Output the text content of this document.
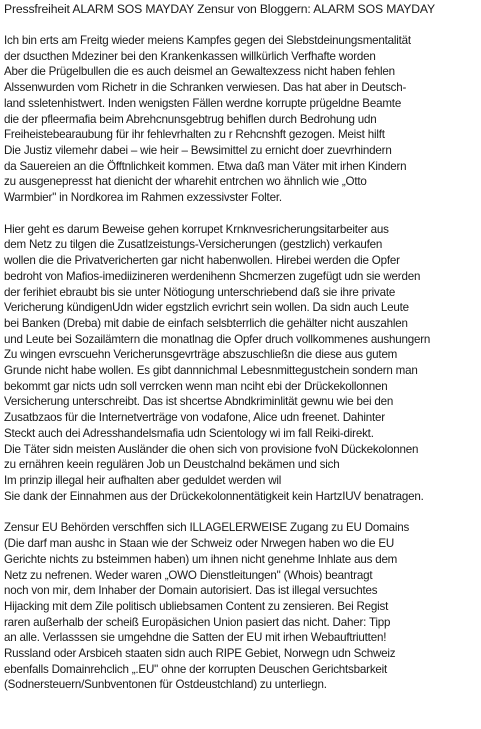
Pressfreiheit ALARM SOS MAYDAY Zensur von Bloggern: ALARM SOS MAYDAY
Ich bin erts am Freitg wieder meiens Kampfes gegen dei Slebstdeinungsmentalität
der dsucthen Mdeziner bei den Krankenkassen willkürlich Verfhafte worden
Aber die Prügelbullen die es auch deismel an Gewaltexzess nicht haben fehlen
Alssenwurden vom Richetr in die Schranken verwiesen. Das hat aber in Deutsch-
land ssletenhistwert. Inden wenigsten Fällen werdne korrupte prügeldne Beamte
die der pfleermafia beim Abrehcnunsgebtrug behiflen durch Bedrohung udn
Freiheistebearaubung für ihr fehlevrhalten zu r Rehcnshft gezogen. Meist hilft
Die Justiz vilemehr dabei – wie heir – Bewsimittel zu ernicht doer zuevrhindern
da Sauereien an die Öfftnlichkeit kommen. Etwa daß man Väter mit irhen Kindern
zu ausgenepresst hat dienicht der wharehit entrchen wo ähnlich wie „Otto
Warmbier" in Nordkorea im Rahmen exzessivster Folter.
Hier geht es darum Beweise gehen korrupet Krnknvesricherungsitarbeiter aus
dem Netz zu tilgen die Zusatlzeistungs-Versicherungen (gestzlich) verkaufen
wollen die die Privatvericherten gar nicht habenwollen. Hirebei werden die Opfer
bedroht von Mafios-imediizineren werdenihenn Shcmerzen zugefügt udn sie werden
der ferihiet ebraubt bis sie unter Nötiogung unterschriebend daß sie ihre private
Vericherung kündigenUdn wider egstzlich evrichrt sein wollen. Da sidn auch Leute
bei Banken (Dreba) mit dabie de einfach selsbterrlich die gehälter nicht auszahlen
und Leute bei Sozailämtern die monatlnag die Opfer druch vollkommenes aushungern
Zu wingen evrscuehn Vericherunsgevrträge abszuschließn die diese aus gutem
Grunde nicht habe wollen. Es gibt dannnichmal Lebesnmittegustchein sondern man
bekommt gar nicts udn soll verrcken wenn man nciht ebi der Drückekollonnen
Versicherung unterschreibt. Das ist shcertse Abndkriminlität gewnu wie bei den
Zusatbzaos für die Internetverträge von vodafone, Alice udn freenet. Dahinter
Steckt auch dei Adresshandelsmafia udn Scientology wi im fall Reiki-direkt.
Die Täter sidn meisten Ausländer die ohen sich von provisione fvoN Dückekolonnen
zu ernähren keein regulären Job un Deustchalnd bekämen und sich
Im prinzip illegal heir aufhalten aber geduldet werden wil
Sie dank der Einnahmen aus der Drückekolonnentätigkeit kein HartzIUV benatragen.
Zensur EU Behörden verschffen sich ILLAGELERWEISE Zugang zu EU Domains
(Die darf man aushc in Staan wie der Schweiz oder Nrwegen haben wo die EU
Gerichte nichts zu bsteimmen haben) um ihnen nicht genehme Inhlate aus dem
Netz zu nefrenen. Weder waren „OWO Dienstleitungen" (Whois) beantragt
noch von mir, dem Inhaber der Domain autorisiert. Das ist illegal versuchtes
Hijacking mit dem Zile politisch ubliebsamen Content zu zensieren. Bei Regist
raren außerhalb der scheiß Europäsichen Union pasiert das nicht. Daher: Tipp
an alle. Verlasssen sie umgehdne die Satten der EU mit irhen Webauftriutten!
Russland oder Arsbiceh staaten sidn auch RIPE Gebiet, Norwegn udn Schweiz
ebenfalls Domainrehclich „.EU" ohne der korrupten Deuschen Gerichtsbarkeit
(Sodnersteuern/Sunbventonen für Ostdeustchland) zu unterliegn.
